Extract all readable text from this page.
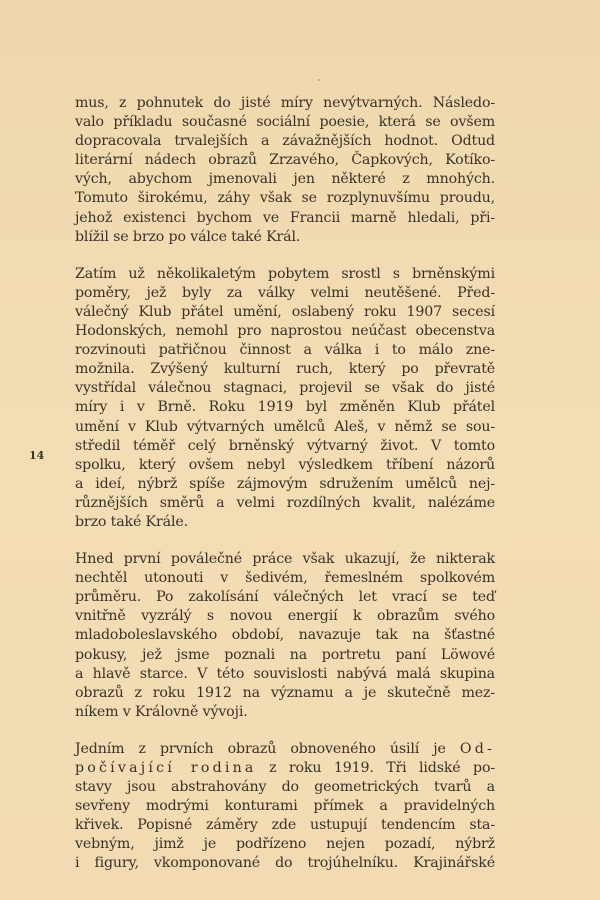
14
mus, z pohnutek do jisté míry nevýtvarných. Následo-
valo příkladu současné sociální poesie, která se ovšem
dopracovala trvalejších a závažnějších hodnot. Odtud
literární nádech obrazů Zrzavého, Čapkových, Kotíko-
vých, abychom jmenovali jen některé z mnohých.
Tomuto širokému, záhy však se rozplynuvšímu proudu,
jehož existenci bychom ve Francii marně hledali, při-
blížil se brzo po válce také Král.
Zatím už několikaletým pobytem srostl s brněnskými
poměry, jež byly za války velmi neutěšené. Před-
válečný Klub přátel umění, oslabený roku 1907 secesí
Hodonských, nemohl pro naprostou neúčast obecenstva
rozvinouti patřičnou činnost a válka i to málo zne-
možnila. Zvýšený kulturní ruch, který po převratě
vystřídal válečnou stagnaci, projevil se však do jisté
míry i v Brně. Roku 1919 byl změněn Klub přátel
umění v Klub výtvarných umělců Aleš, v němž se sou-
středil téměř celý brněnský výtvarný život. V tomto
spolku, který ovšem nebyl výsledkem tříbení názorů
a ideí, nýbrž spíše zájmovým sdružením umělců nej-
různějších směrů a velmi rozdílných kvalit, nalézáme
brzo také Krále.
Hned první poválečné práce však ukazují, že nikterak
nechtěl utonouti v šedivém, řemeslném spolkovém
průměru. Po zakolísání válečných let vrací se teď
vnitřně vyzrálý s novou energií k obrazům svého
mladoboleslavského období, navazuje tak na šťastné
pokusy, jež jsme poznali na portretu paní Löwové
a hlavě starce. V této souvislosti nabývá malá skupina
obrazů z roku 1912 na významu a je skutečně mez-
níkem v Královně vývoji.
Jedním z prvních obrazů obnoveného úsilí je Od-
počívající rodina z roku 1919. Tři lidské po-
stavy jsou abstrahovány do geometrických tvarů a
sevřeny modrými konturami přímek a pravidelných
křivek. Popisné záměry zde ustupují tendencím sta-
vebným, jimž je podřízeno nejen pozadí, nýbrž
i figury, vkomponované do trojúhelníku. Krajinářské
